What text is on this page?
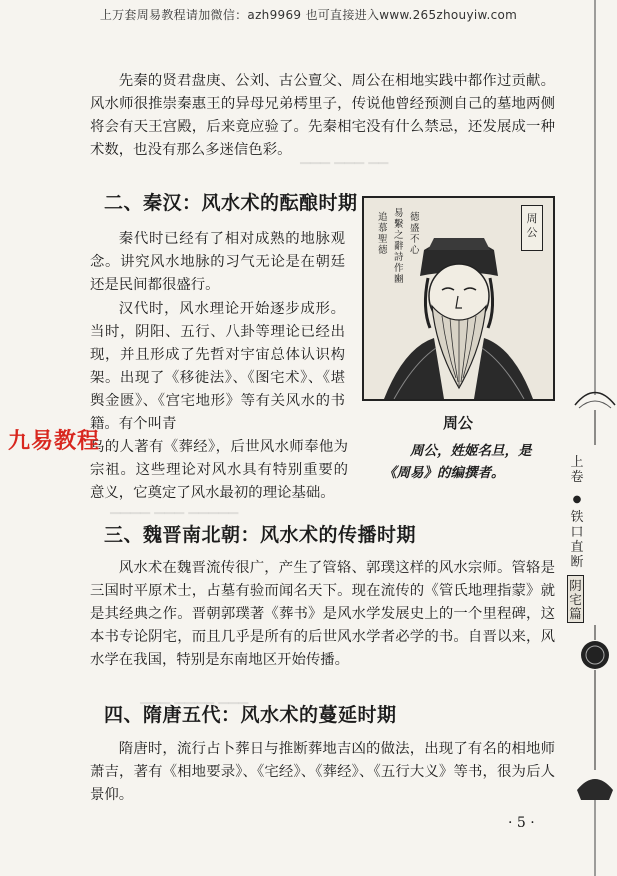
上万套周易教程请加微信：azh9969 也可直接进入www.265zhouyiw.com
▁▁▁ ▁▁▁ ▁▁
▁▁▁▁ ▁▁▁ ▁▁▁▁▁
▁▁▁ ▁▁▁▁ ▁▁▁

先秦的贤君盘庚、公刘、古公亶父、周公在相地实践中都作过贡献。风水师很推崇秦惠王的异母兄弟樗里子，传说他曾经预测自己的墓地两侧将会有天王宫殿，后来竟应验了。先秦相宅没有什么禁忌，还发展成一种术数，也没有那么多迷信色彩。

二、秦汉：风水术的酝酿时期

秦代时已经有了相对成熟的地脉观念。讲究风水地脉的习气无论是在朝廷还是民间都很盛行。

汉代时，风水理论开始逐步成形。当时，阴阳、五行、八卦等理论已经出现，并且形成了先哲对宇宙总体认识构架。出现了《移徙法》、《图宅术》、《堪舆金匮》、《宫宅地形》等有关风水的书籍。有个叫青

乌的人著有《葬经》，后世风水师奉他为宗祖。这些理论对风水具有特别重要的意义，它奠定了风水最初的理论基础。

易繫之辭詩作豳
追慕聖德
德盛不心
周公
周公
周公，姓姬名旦，是《周易》的编撰者。
九易教程
三、魏晋南北朝：风水术的传播时期

风水术在魏晋流传很广，产生了管辂、郭璞这样的风水宗师。管辂是三国时平原术士，占墓有验而闻名天下。现在流传的《管氏地理指蒙》就是其经典之作。晋朝郭璞著《葬书》是风水学发展史上的一个里程碑，这本书专论阴宅，而且几乎是所有的后世风水学者必学的书。自晋以来，风水学在我国，特别是东南地区开始传播。

四、隋唐五代：风水术的蔓延时期

隋唐时，流行占卜葬日与推断葬地吉凶的做法，出现了有名的相地师萧吉，著有《相地要录》、《宅经》、《葬经》、《五行大义》等书，很为后人景仰。

· 5 ·
上卷
●
铁口直断
阴宅篇
